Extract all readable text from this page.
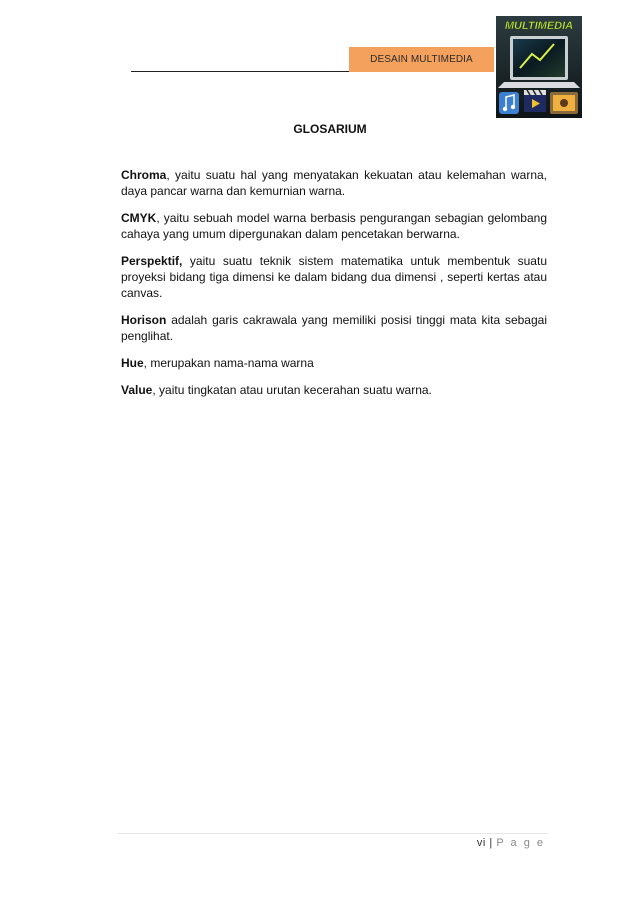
DESAIN MULTIMEDIA
MULTIMEDIA
GLOSARIUM

Chroma, yaitu suatu hal yang menyatakan kekuatan atau kelemahan warna, daya pancar warna dan kemurnian warna.

CMYK, yaitu sebuah model warna berbasis pengurangan sebagian gelombang cahaya yang umum dipergunakan dalam pencetakan berwarna.

Perspektif, yaitu suatu teknik sistem matematika untuk membentuk suatu proyeksi bidang tiga dimensi ke dalam bidang dua dimensi , seperti kertas atau canvas.

Horison adalah garis cakrawala yang memiliki posisi tinggi mata kita sebagai penglihat.

Hue, merupakan nama-nama warna

Value, yaitu tingkatan atau urutan kecerahan suatu warna.

vi | P a g e
